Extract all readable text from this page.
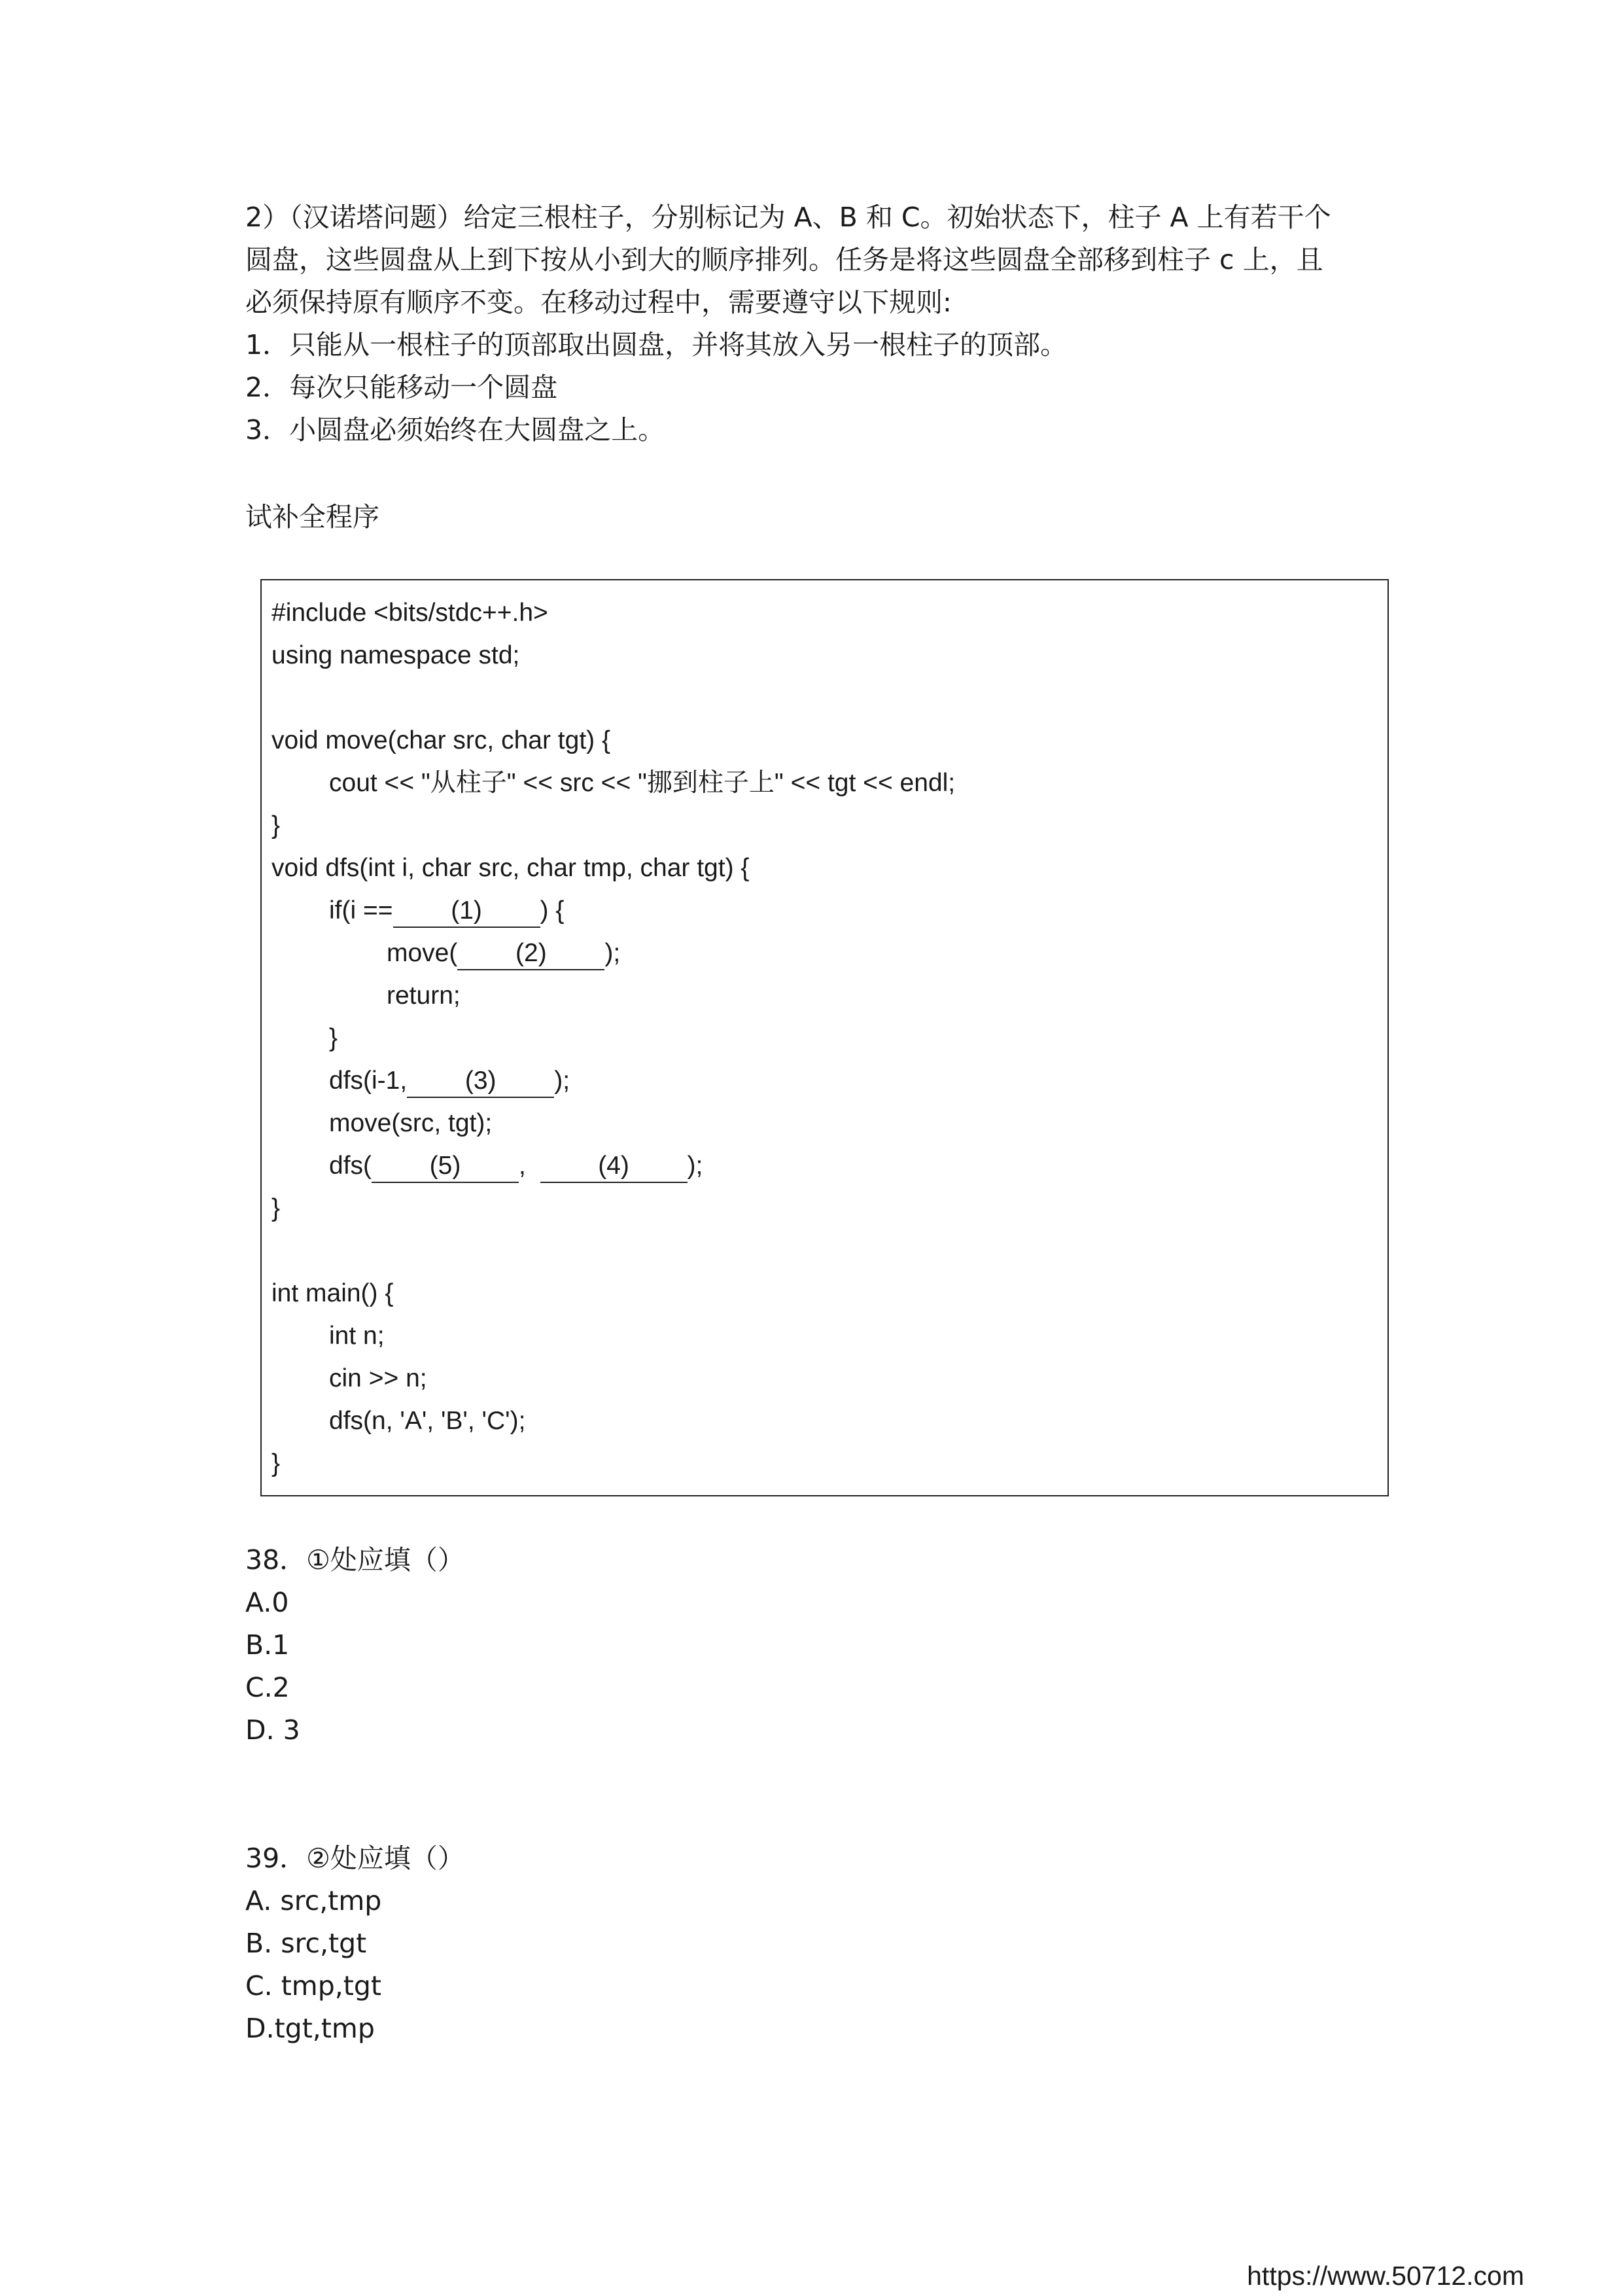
2）（汉诺塔问题）给定三根柱子，分别标记为 A、B 和 C。初始状态下，柱子 A 上有若干个

圆盘，这些圆盘从上到下按从小到大的顺序排列。任务是将这些圆盘全部移到柱子 c 上，且

必须保持原有顺序不变。在移动过程中，需要遵守以下规则:

1．只能从一根柱子的顶部取出圆盘，并将其放入另一根柱子的顶部。

2．每次只能移动一个圆盘

3．小圆盘必须始终在大圆盘之上。

试补全程序
#include <bits/stdc++.h>
using namespace std;
void move(char src, char tgt) {
cout << "从柱子" << src << "挪到柱子上" << tgt << endl;
}
void dfs(int i, char src, char tmp, char tgt) {
if(i == (1) ) {
move( (2) );
return;
}
dfs(i-1, (3) );
move(src, tgt);
dfs( (5) ,	(4) );
}
int main() {
int n;
cin >> n;
dfs(n, 'A', 'B', 'C');
}

38．①处应填（）

A.0

B.1

C.2

D. 3

39．②处应填（）

A. src,tmp

B. src,tgt

C. tmp,tgt

D.tgt,tmp

https://www.50712.com
